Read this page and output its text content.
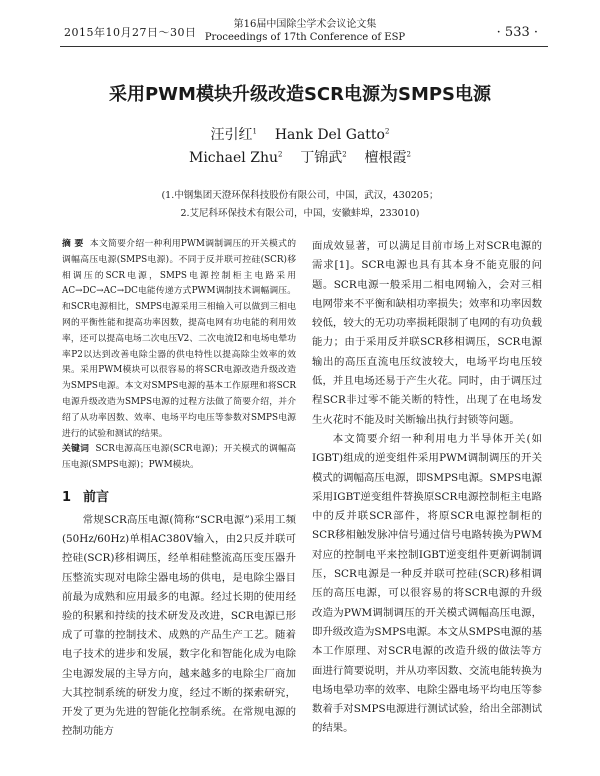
2015年10月27日～30日
第16届中国除尘学术会议论文集
Proceedings of 17th Conference of ESP	· 533 ·
采用PWM模块升级改造SCR电源为SMPS电源
汪引红$^1$ Hank Del Gatto$^2$
Michael Zhu$^2$ 丁锦武$^2$ 檀根霞$^2$
(1.中钢集团天澄环保科技股份有限公司，中国，武汉，430205；
2.艾尼科环保技术有限公司，中国，安徽蚌埠，233010)
摘 要 本文简要介绍一种利用PWM调制调压的开关模式的调幅高压电源(SMPS电源)。不同于反并联可控硅(SCR)移相调压的SCR电源，SMPS电源控制柜主电路采用AC→DC→AC→DC电能传递方式PWM调制技术调幅调压。和SCR电源相比，SMPS电源采用三相输入可以做到三相电网的平衡性能和提高功率因数，提高电网有功电能的利用效率，还可以提高电场二次电压V2、二次电流I2和电场电晕功率P2以达到改善电除尘器的供电特性以提高除尘效率的效果。采用PWM模块可以很容易的将SCR电源改造升级改造为SMPS电源。本文对SMPS电源的基本工作原理和将SCR电源升级改造为SMPS电源的过程方法做了简要介绍，并介绍了从功率因数、效率、电场平均电压等参数对SMPS电源进行的试验和测试的结果。
关键词 SCR电源高压电源(SCR电源)；开关模式的调幅高压电源(SMPS电源)；PWM模块。
1 前言

常规SCR高压电源(简称“SCR电源”)采用工频(50Hz/60Hz)单相AC380V输入，由2只反并联可控硅(SCR)移相调压，经单相硅整流高压变压器升压整流实现对电除尘器电场的供电，是电除尘器目前最为成熟和应用最多的电源。经过长期的使用经验的积累和持续的技术研发及改进，SCR电源已形成了可靠的控制技术、成熟的产品生产工艺。随着电子技术的进步和发展，数字化和智能化成为电除尘电源发展的主导方向，越来越多的电除尘厂商加大其控制系统的研发力度，经过不断的探索研究，开发了更为先进的智能化控制系统。在常规电源的控制功能方

面成效显著，可以满足目前市场上对SCR电源的需求[1]。SCR电源也具有其本身不能克服的问题。SCR电源一般采用二相电网输入，会对三相电网带来不平衡和缺相功率损失；效率和功率因数较低，较大的无功功率损耗限制了电网的有功负载能力；由于采用反并联SCR移相调压，SCR电源输出的高压直流电压纹波较大，电场平均电压较低，并且电场还易于产生火花。同时，由于调压过程SCR非过零不能关断的特性，出现了在电场发生火花时不能及时关断输出执行封锁等问题。

本文简要介绍一种利用电力半导体开关(如IGBT)组成的逆变组件采用PWM调制调压的开关模式的调幅高压电源，即SMPS电源。SMPS电源采用IGBT逆变组件替换原SCR电源控制柜主电路中的反并联SCR部件，将原SCR电源控制柜的SCR移相触发脉冲信号通过信号电路转换为PWM对应的控制电平来控制IGBT逆变组件更新调制调压，SCR电源是一种反并联可控硅(SCR)移相调压的高压电源，可以很容易的将SCR电源的升级改造为PWM调制调压的开关模式调幅高压电源，即升级改造为SMPS电源。本文从SMPS电源的基本工作原理、对SCR电源的改造升级的做法等方面进行简要说明，并从功率因数、交流电能转换为电场电晕功率的效率、电除尘器电场平均电压等参数着手对SMPS电源进行测试试验，给出全部测试的结果。
